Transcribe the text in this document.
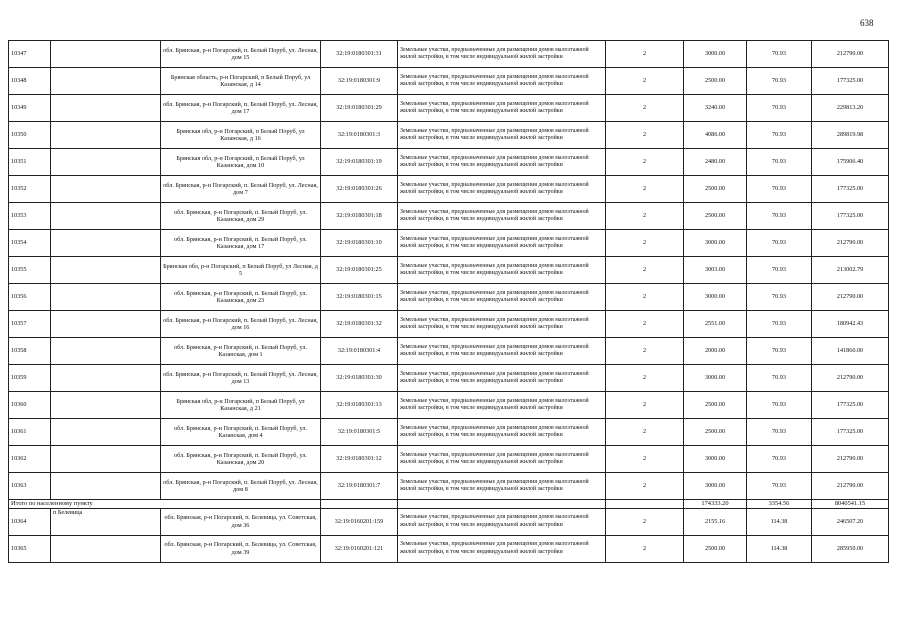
638
10347		обл. Брянская, р-н Погарский, п. Белый Поруб, ул. Лесная, дом 15	32:19:0180301:31	Земельные участки, предназначенные для размещения домов малоэтажной жилой застройки, в том числе индивидуальной жилой застройки	2	3000.00	70.93	212790.00
10348		Брянская область, р-н Погарский, п Белый Поруб, ул Казанская, д 14	32:19:0180301:9	Земельные участки, предназначенные для размещения домов малоэтажной жилой застройки, в том числе индивидуальной жилой застройки	2	2500.00	70.93	177325.00
10349		обл. Брянская, р-н Погарский, п. Белый Поруб, ул. Лесная, дом 17	32:19:0180301:29	Земельные участки, предназначенные для размещения домов малоэтажной жилой застройки, в том числе индивидуальной жилой застройки	2	3240.00	70.93	229813.20
10350		Брянская обл, р-н Погарский, п Белый Поруб, ул Казанская, д 16	32:19:0180301:3	Земельные участки, предназначенные для размещения домов малоэтажной жилой застройки, в том числе индивидуальной жилой застройки	2	4086.00	70.93	289819.98
10351		Брянская обл, р-н Погарский, п Белый Поруб, ул Казанская, дом 10	32:19:0180301:19	Земельные участки, предназначенные для размещения домов малоэтажной жилой застройки, в том числе индивидуальной жилой застройки	2	2480.00	70.93	175906.40
10352		обл. Брянская, р-н Погарский, п. Белый Поруб, ул. Лесная, дом 7	32:19:0180301:26	Земельные участки, предназначенные для размещения домов малоэтажной жилой застройки, в том числе индивидуальной жилой застройки	2	2500.00	70.93	177325.00
10353		обл. Брянская, р-н Погарский, п. Белый Поруб, ул. Казанская, дом 29	32:19:0180301:18	Земельные участки, предназначенные для размещения домов малоэтажной жилой застройки, в том числе индивидуальной жилой застройки	2	2500.00	70.93	177325.00
10354		обл. Брянская, р-н Погарский, п. Белый Поруб, ул. Казанская, дом 17	32:19:0180301:10	Земельные участки, предназначенные для размещения домов малоэтажной жилой застройки, в том числе индивидуальной жилой застройки	2	3000.00	70.93	212790.00
10355		Брянская обл, р-н Погарский, п Белый Поруб, ул Лесная, д 5	32:19:0180301:25	Земельные участки, предназначенные для размещения домов малоэтажной жилой застройки, в том числе индивидуальной жилой застройки	2	3003.00	70.93	213002.79
10356		обл. Брянская, р-н Погарский, п. Белый Поруб, ул. Казанская, дом 23	32:19:0180301:15	Земельные участки, предназначенные для размещения домов малоэтажной жилой застройки, в том числе индивидуальной жилой застройки	2	3000.00	70.93	212790.00
10357		обл. Брянская, р-н Погарский, п. Белый Поруб, ул. Лесная, дом 16	32:19:0180301:32	Земельные участки, предназначенные для размещения домов малоэтажной жилой застройки, в том числе индивидуальной жилой застройки	2	2551.00	70.93	180942.43
10358		обл. Брянская, р-н Погарский, п. Белый Поруб, ул. Казанская, дом 1	32:19:0180301:4	Земельные участки, предназначенные для размещения домов малоэтажной жилой застройки, в том числе индивидуальной жилой застройки	2	2000.00	70.93	141860.00
10359		обл. Брянская, р-н Погарский, п. Белый Поруб, ул. Лесная, дом 13	32:19:0180301:30	Земельные участки, предназначенные для размещения домов малоэтажной жилой застройки, в том числе индивидуальной жилой застройки	2	3000.00	70.93	212790.00
10360		Брянская обл, р-н Погарский, п Белый Поруб, ул Казанская, д 21	32:19:0180301:13	Земельные участки, предназначенные для размещения домов малоэтажной жилой застройки, в том числе индивидуальной жилой застройки	2	2500.00	70.93	177325.00
10361		обл. Брянская, р-н Погарский, п. Белый Поруб, ул. Казанская, дом 4	32:19:0180301:5	Земельные участки, предназначенные для размещения домов малоэтажной жилой застройки, в том числе индивидуальной жилой застройки	2	2500.00	70.93	177325.00
10362		обл. Брянская, р-н Погарский, п. Белый Поруб, ул. Казанская, дом 20	32:19:0180301:12	Земельные участки, предназначенные для размещения домов малоэтажной жилой застройки, в том числе индивидуальной жилой застройки	2	3000.00	70.93	212790.00
10363		обл. Брянская, р-н Погарский, п. Белый Поруб, ул. Лесная, дом 8	32:19:0180301:7	Земельные участки, предназначенные для размещения домов малоэтажной жилой застройки, в том числе индивидуальной жилой застройки	2	3000.00	70.93	212790.00
Итого по населенному пункту						174333.20	3354.56	8040541.15
10364	п Белевица	обл. Брянская, р-н Погарский, п. Белевица, ул. Советская, дом 36	32:19:0160201:159	Земельные участки, предназначенные для размещения домов малоэтажной жилой застройки, в том числе индивидуальной жилой застройки	2	2155.16	114.38	246507.20
10365		обл. Брянская, р-н Погарский, п. Белевица, ул. Советская, дом 39	32:19:0160201:121	Земельные участки, предназначенные для размещения домов малоэтажной жилой застройки, в том числе индивидуальной жилой застройки	2	2500.00	114.38	285950.00
